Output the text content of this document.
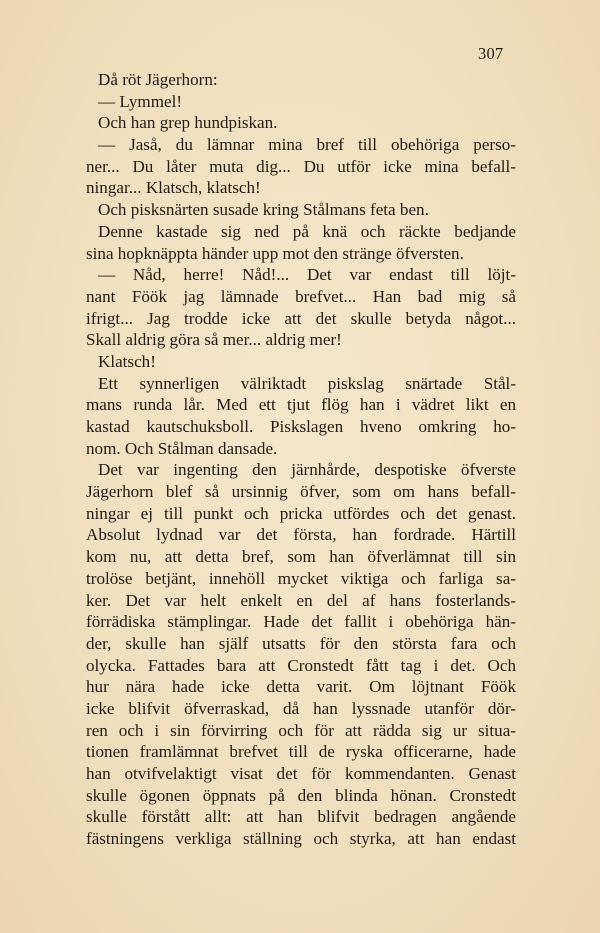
307
Då röt Jägerhorn:
— Lymmel!
Och han grep hundpiskan.
— Jaså, du lämnar mina bref till obehöriga perso-
ner... Du låter muta dig... Du utför icke mina befall-
ningar... Klatsch, klatsch!
Och pisksnärten susade kring Stålmans feta ben.
Denne kastade sig ned på knä och räckte bedjande
sina hopknäppta händer upp mot den stränge öfversten.
— Nåd, herre! Nåd!... Det var endast till löjt-
nant Föök jag lämnade brefvet... Han bad mig så
ifrigt... Jag trodde icke att det skulle betyda något...
Skall aldrig göra så mer... aldrig mer!
Klatsch!
Ett synnerligen välriktadt piskslag snärtade Stål-
mans runda lår. Med ett tjut flög han i vädret likt en
kastad kautschuksboll. Piskslagen hveno omkring ho-
nom. Och Stålman dansade.
Det var ingenting den järnhårde, despotiske öfverste
Jägerhorn blef så ursinnig öfver, som om hans befall-
ningar ej till punkt och pricka utfördes och det genast.
Absolut lydnad var det första, han fordrade. Härtill
kom nu, att detta bref, som han öfverlämnat till sin
trolöse betjänt, innehöll mycket viktiga och farliga sa-
ker. Det var helt enkelt en del af hans fosterlands-
förrädiska stämplingar. Hade det fallit i obehöriga hän-
der, skulle han själf utsatts för den största fara och
olycka. Fattades bara att Cronstedt fått tag i det. Och
hur nära hade icke detta varit. Om löjtnant Föök
icke blifvit öfverraskad, då han lyssnade utanför dör-
ren och i sin förvirring och för att rädda sig ur situa-
tionen framlämnat brefvet till de ryska officerarne, hade
han otvifvelaktigt visat det för kommendanten. Genast
skulle ögonen öppnats på den blinda hönan. Cronstedt
skulle förstått allt: att han blifvit bedragen angående
fästningens verkliga ställning och styrka, att han endast
